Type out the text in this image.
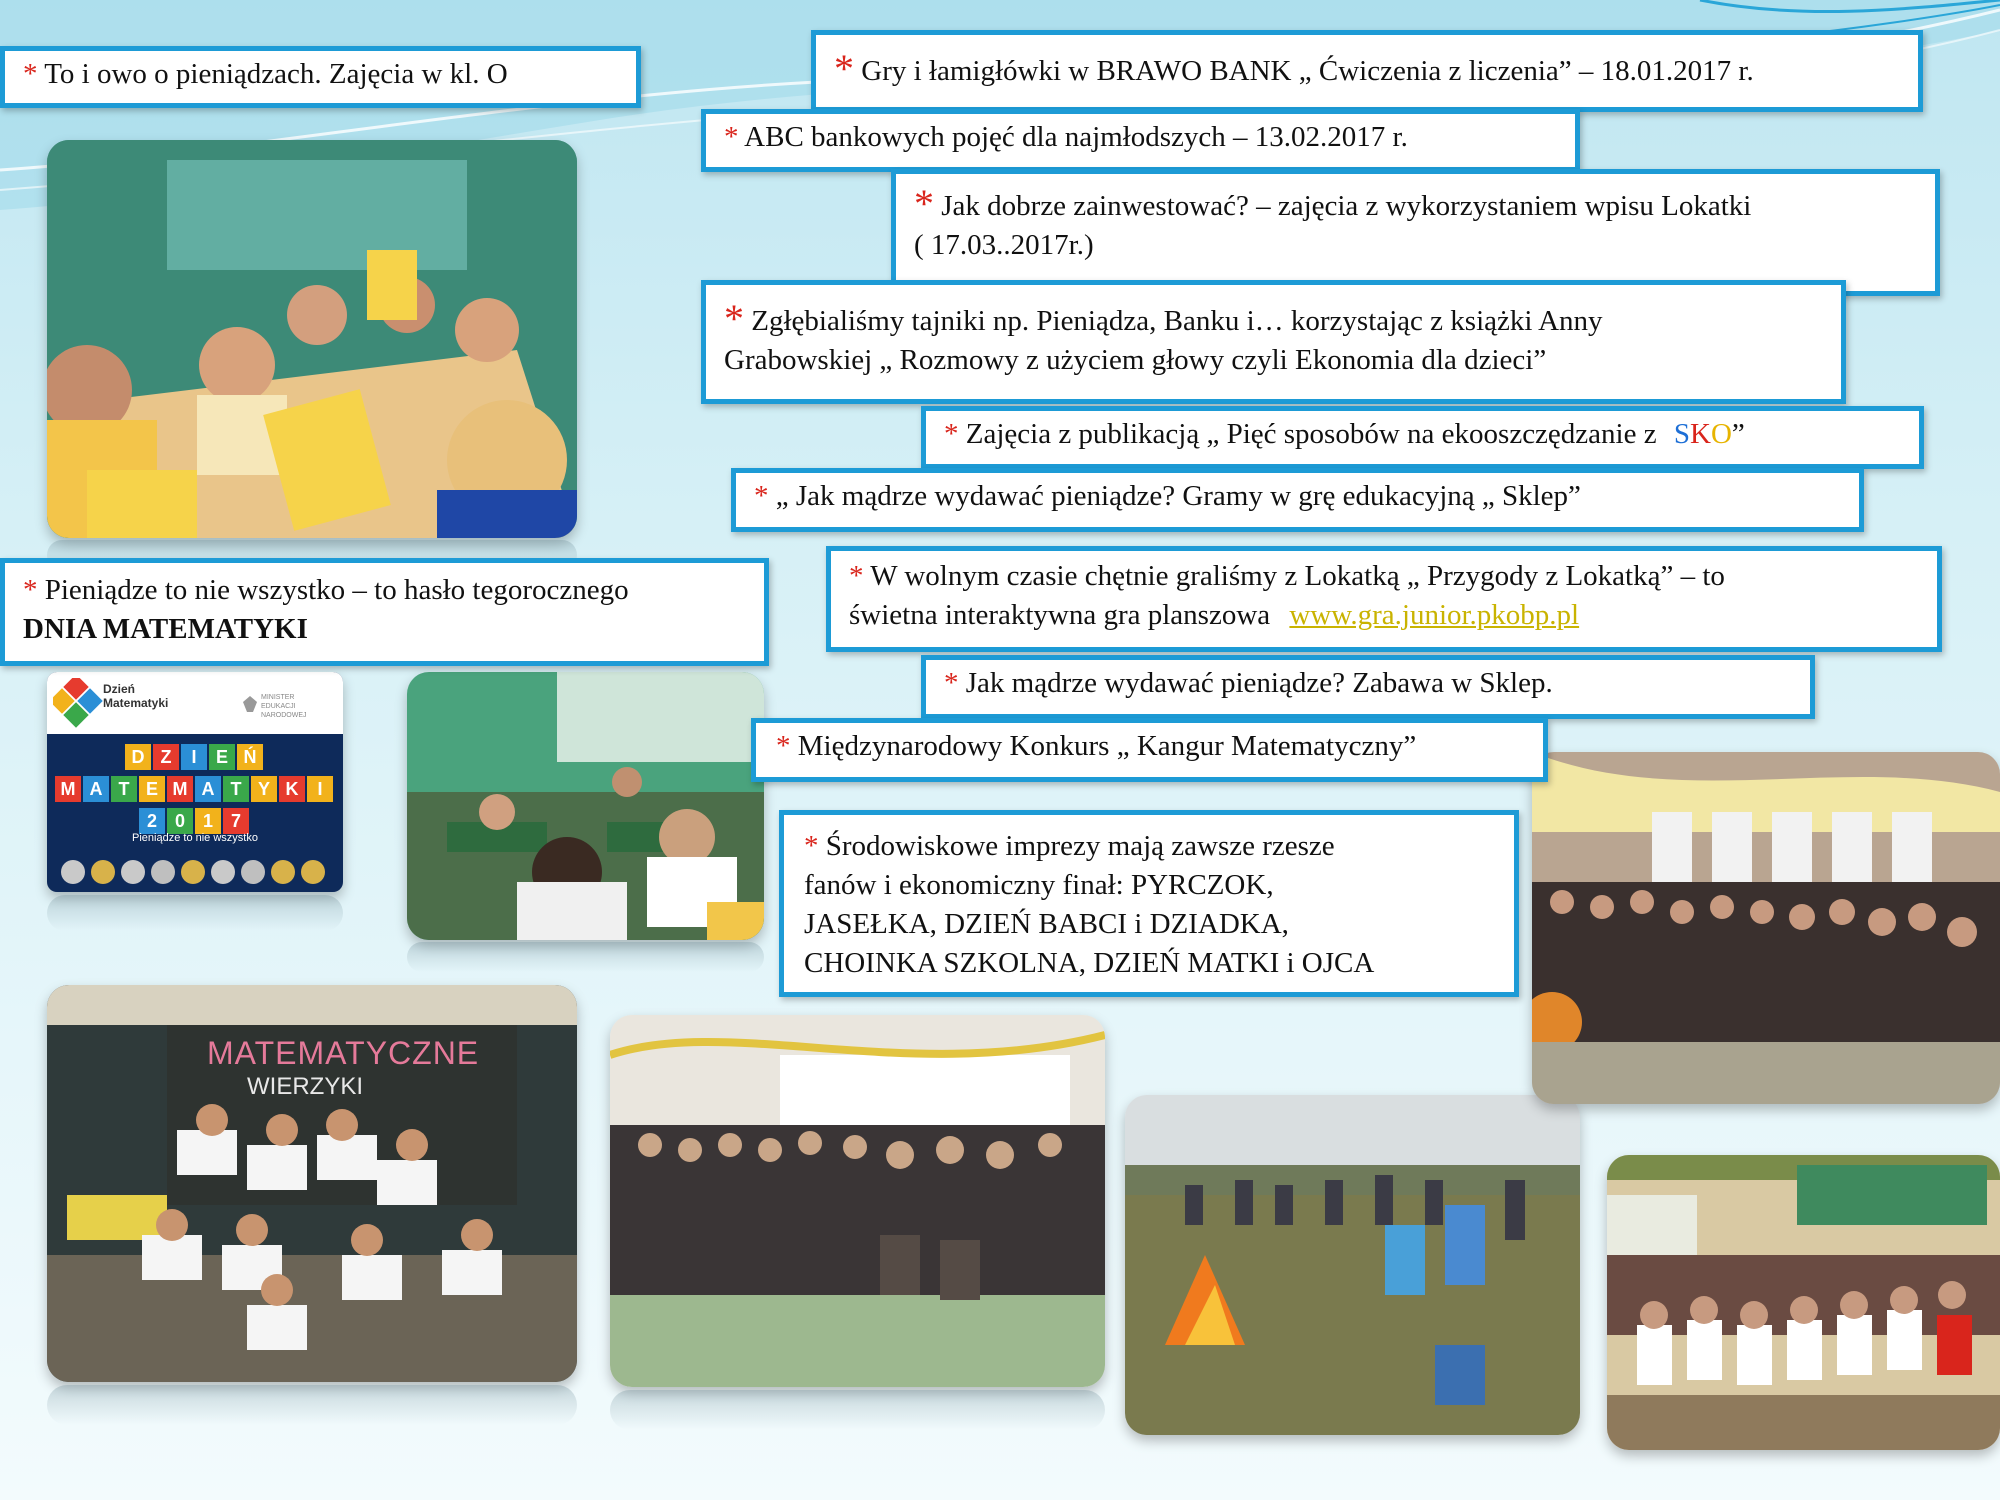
Dzień
Matematyki	MINISTER
EDUKACJI
NARODOWEJ
D Z	I	E Ń
M A T E M A T Y K	I
2 0 1 7
Pieniądze to nie wszystko
MATEMATYCZNE
WIERZYKI
* To i owo o pieniądzach. Zajęcia w kl. O	* Gry i łamigłówki w BRAWO BANK „ Ćwiczenia z liczenia” – 18.01.2017 r.
* ABC bankowych pojęć dla najmłodszych – 13.02.2017 r.
* Jak dobrze zainwestować? – zajęcia z wykorzystaniem wpisu Lokatki
( 17.03..2017r.)
* Zgłębialiśmy tajniki np. Pieniądza, Banku i… korzystając z książki Anny
Grabowskiej „ Rozmowy z użyciem głowy czyli Ekonomia dla dzieci”
* Zajęcia z publikacją „ Pięć sposobów na ekooszczędzanie z SKO”
* „ Jak mądrze wydawać pieniądze? Gramy w grę edukacyjną „ Sklep”
* W wolnym czasie chętnie graliśmy z Lokatką „ Przygody z Lokatką” – to
świetna interaktywna gra planszowa www.gra.junior.pkobp.pl
* Pieniądze to nie wszystko – to hasło tegorocznego
DNIA MATEMATYKI
* Jak mądrze wydawać pieniądze? Zabawa w Sklep.
* Międzynarodowy Konkurs „ Kangur Matematyczny”
* Środowiskowe imprezy mają zawsze rzesze
fanów i ekonomiczny finał: PYRCZOK,
JASEŁKA, DZIEŃ BABCI i DZIADKA,
CHOINKA SZKOLNA, DZIEŃ MATKI i OJCA
